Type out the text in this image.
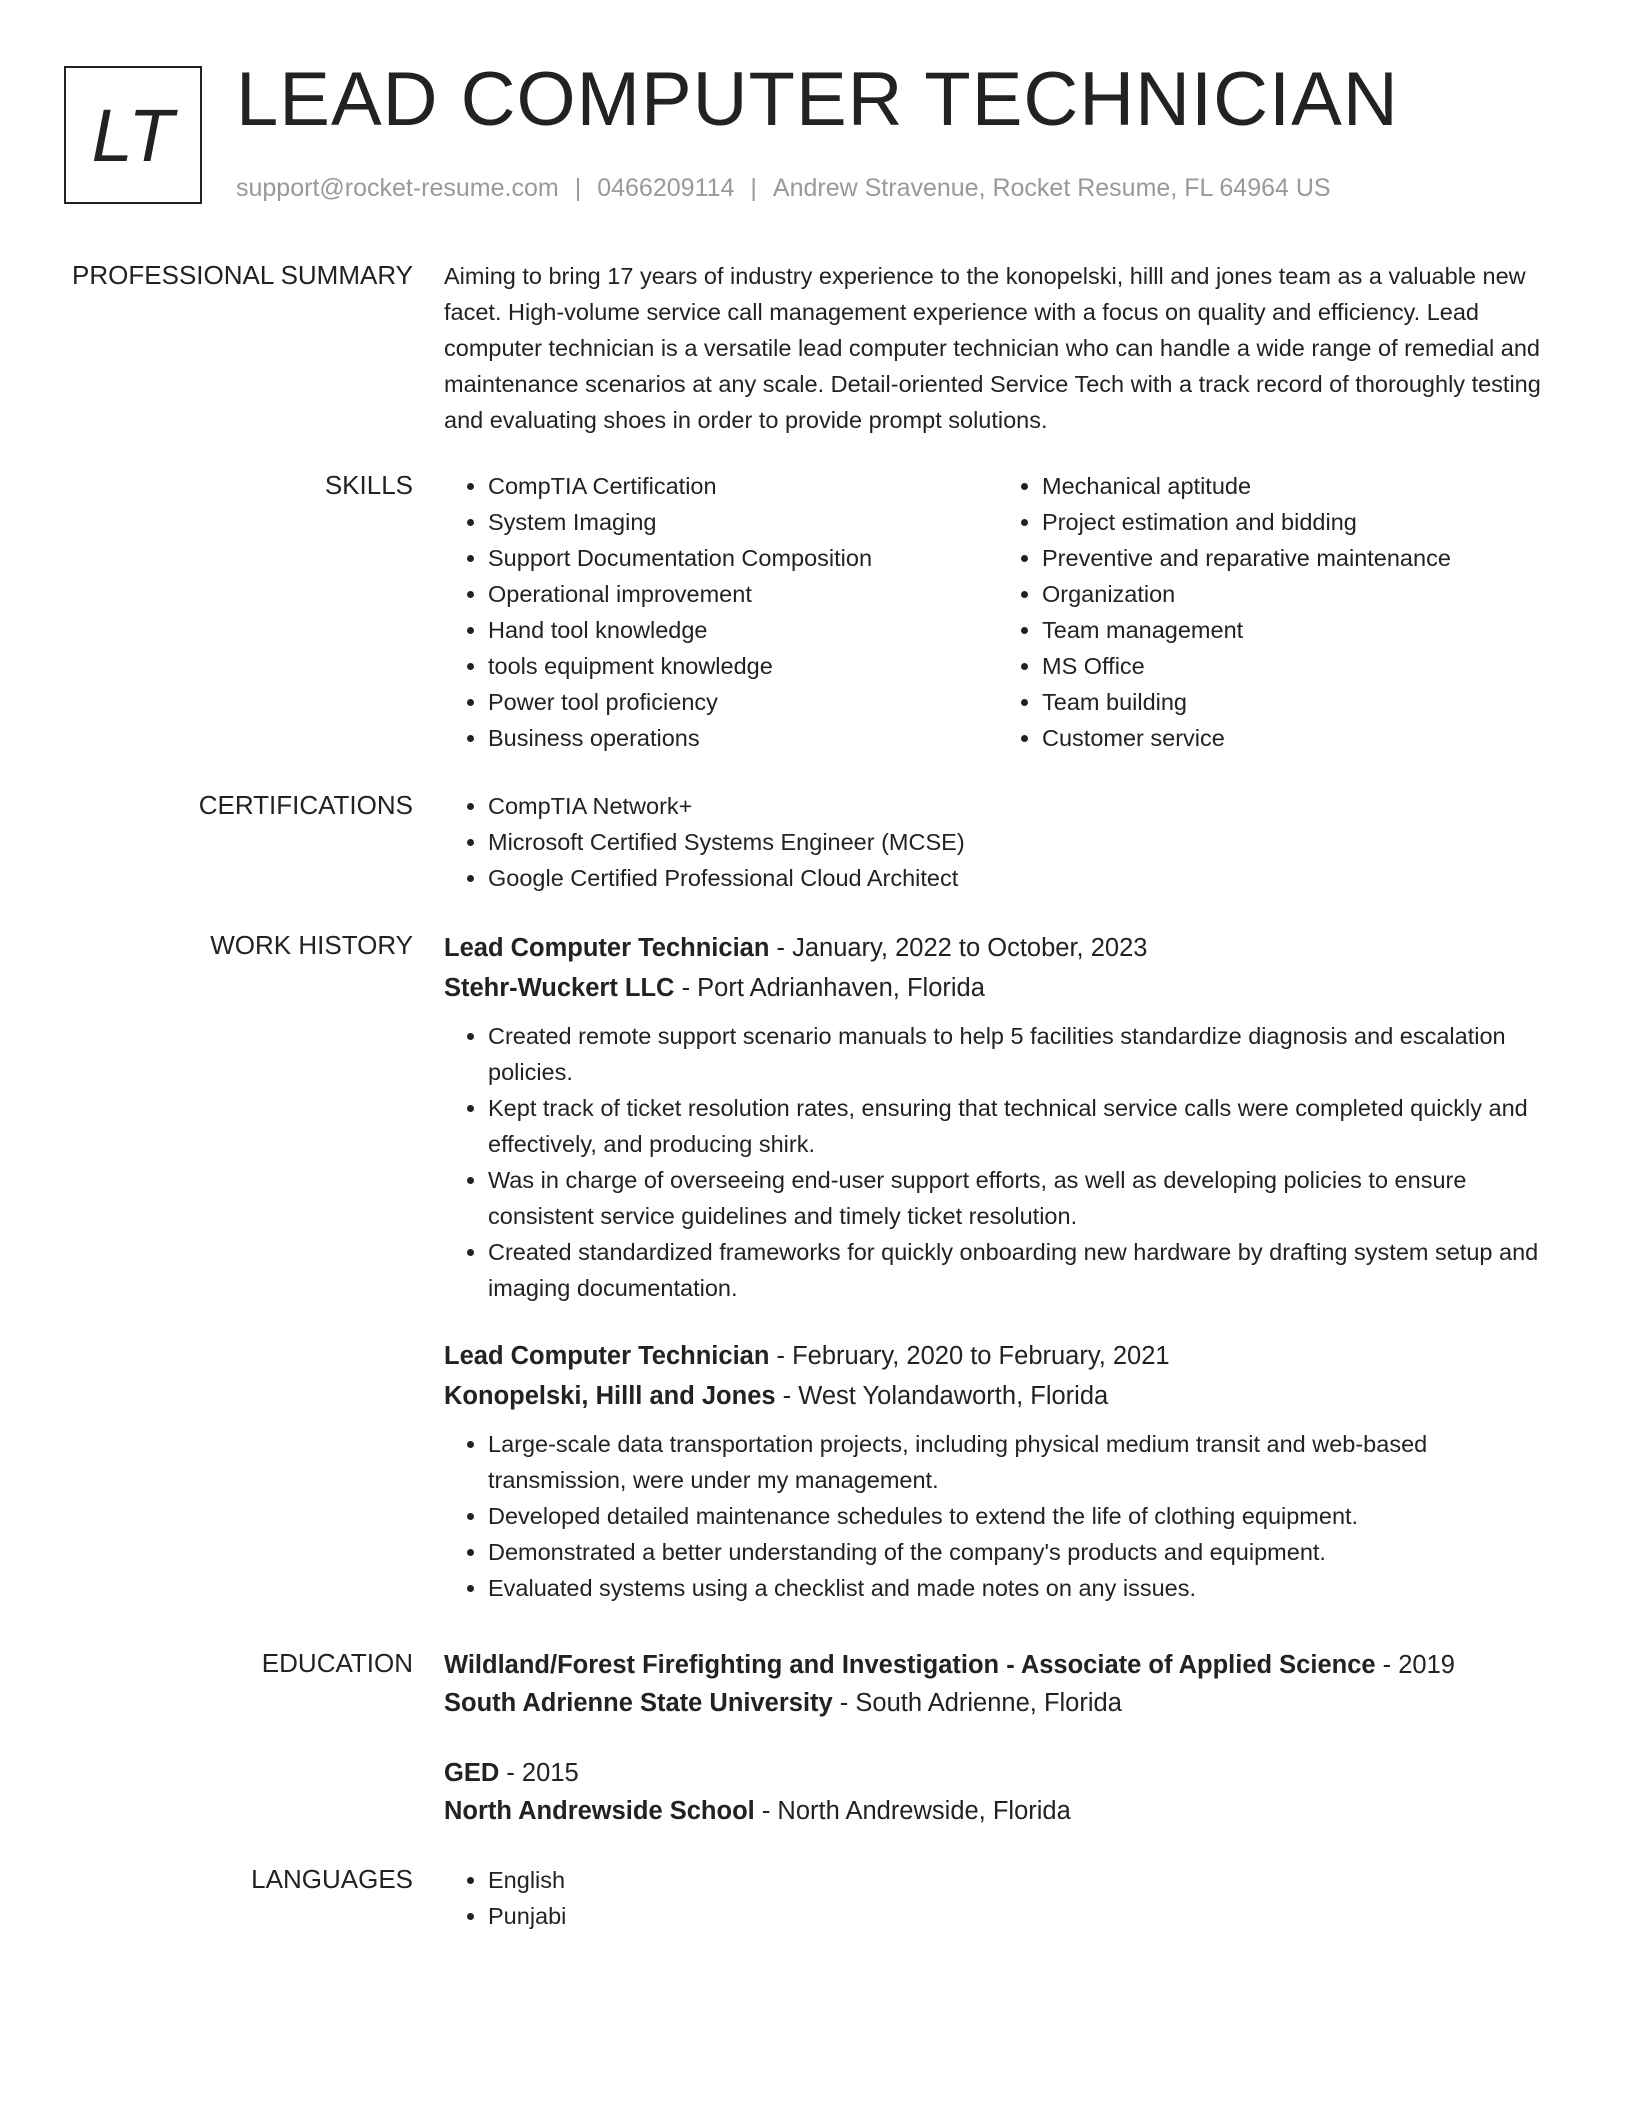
LT LEAD COMPUTER TECHNICIAN
support@rocket-resume.com | 0466209114 | Andrew Stravenue, Rocket Resume, FL 64964 US
PROFESSIONAL SUMMARY Aiming to bring 17 years of industry experience to the konopelski, hilll and jones team as a valuable new facet. High-volume service call management experience with a focus on quality and efficiency. Lead computer technician is a versatile lead computer technician who can handle a wide range of remedial and maintenance scenarios at any scale. Detail-oriented Service Tech with a track record of thoroughly testing and evaluating shoes in order to provide prompt solutions.
SKILLS	• CompTIA Certification
• System Imaging
• Support Documentation Composition
• Operational improvement
• Hand tool knowledge
• tools equipment knowledge
• Power tool proficiency
• Business operations
• Mechanical aptitude
• Project estimation and bidding
• Preventive and reparative maintenance
• Organization
• Team management
• MS Office
• Team building
• Customer service
CERTIFICATIONS	• CompTIA Network+
• Microsoft Certified Systems Engineer (MCSE)
• Google Certified Professional Cloud Architect
WORK HISTORY Lead Computer Technician - January, 2022 to October, 2023
Stehr-Wuckert LLC - Port Adrianhaven, Florida
• Created remote support scenario manuals to help 5 facilities standardize diagnosis and escalation policies.
• Kept track of ticket resolution rates, ensuring that technical service calls were completed quickly and effectively, and producing shirk.
• Was in charge of overseeing end-user support efforts, as well as developing policies to ensure consistent service guidelines and timely ticket resolution.
• Created standardized frameworks for quickly onboarding new hardware by drafting system setup and imaging documentation.
Lead Computer Technician - February, 2020 to February, 2021
Konopelski, Hilll and Jones - West Yolandaworth, Florida
• Large-scale data transportation projects, including physical medium transit and web-based transmission, were under my management.
• Developed detailed maintenance schedules to extend the life of clothing equipment.
• Demonstrated a better understanding of the company's products and equipment.
• Evaluated systems using a checklist and made notes on any issues.
EDUCATION Wildland/Forest Firefighting and Investigation - Associate of Applied Science - 2019
South Adrienne State University - South Adrienne, Florida
GED - 2015
North Andrewside School - North Andrewside, Florida
LANGUAGES	• English
• Punjabi
